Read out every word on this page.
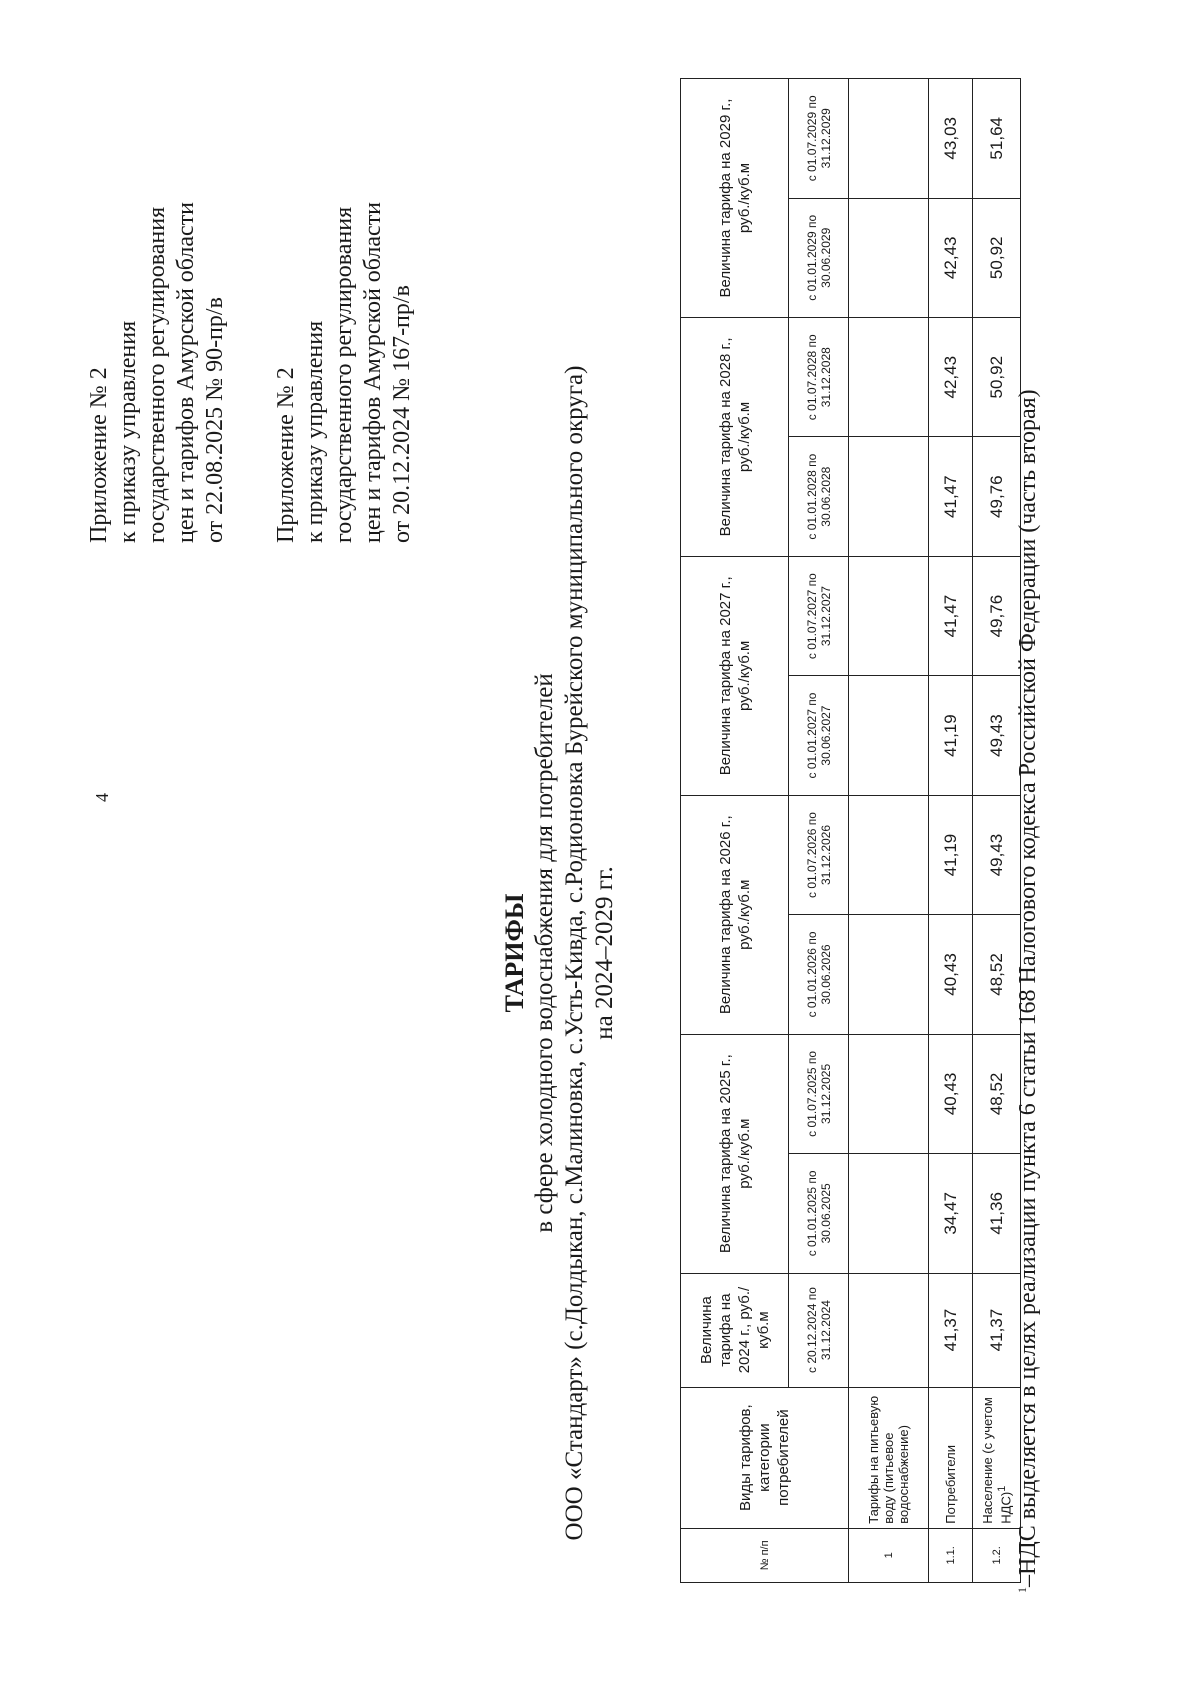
4
Приложение № 2 к приказу управления государственного регулирования цен и тарифов Амурской области от 22.08.2025 № 90-пр/в Приложение № 2 к приказу управления государственного регулирования цен и тарифов Амурской области от 20.12.2024 № 167-пр/в
ТАРИФЫ в сфере холодного водоснабжения для потребителей ООО «Стандарт» (с.Долдыкан, с.Малиновка, с.Усть-Кивда, с.Родионовка Бурейского муниципального округа) на 2024–2029 гг.
№ п/п	Виды тарифов, категории потребителей	Величина тарифа на 2024 г., руб./куб.м	Величина тарифа на 2025 г., руб./куб.м		Величина тарифа на 2026 г., руб./куб.м		Величина тарифа на 2027 г., руб./куб.м		Величина тарифа на 2028 г., руб./куб.м		Величина тарифа на 2029 г., руб./куб.м	
		с 20.12.2024 по 31.12.2024	с 01.01.2025 по 30.06.2025	с 01.07.2025 по 31.12.2025	с 01.01.2026 по 30.06.2026	с 01.07.2026 по 31.12.2026	с 01.01.2027 по 30.06.2027	с 01.07.2027 по 31.12.2027	с 01.01.2028 по 30.06.2028	с 01.07.2028 по 31.12.2028	с 01.01.2029 по 30.06.2029	с 01.07.2029 по 31.12.2029
1	Тарифы на питьевую воду (питьевое водоснабжение)											
1.1.	Потребители	41,37	34,47	40,43	40,43	41,19	41,19	41,47	41,47	42,43	42,43	43,03
1.2.	Население (с учетом НДС)$^1$	41,37	41,36	48,52	48,52	49,43	49,43	49,76	49,76	50,92	50,92	51,64
$^1$–НДС выделяется в целях реализации пункта 6 статьи 168 Налогового кодекса Российской Федерации (часть вторая)
